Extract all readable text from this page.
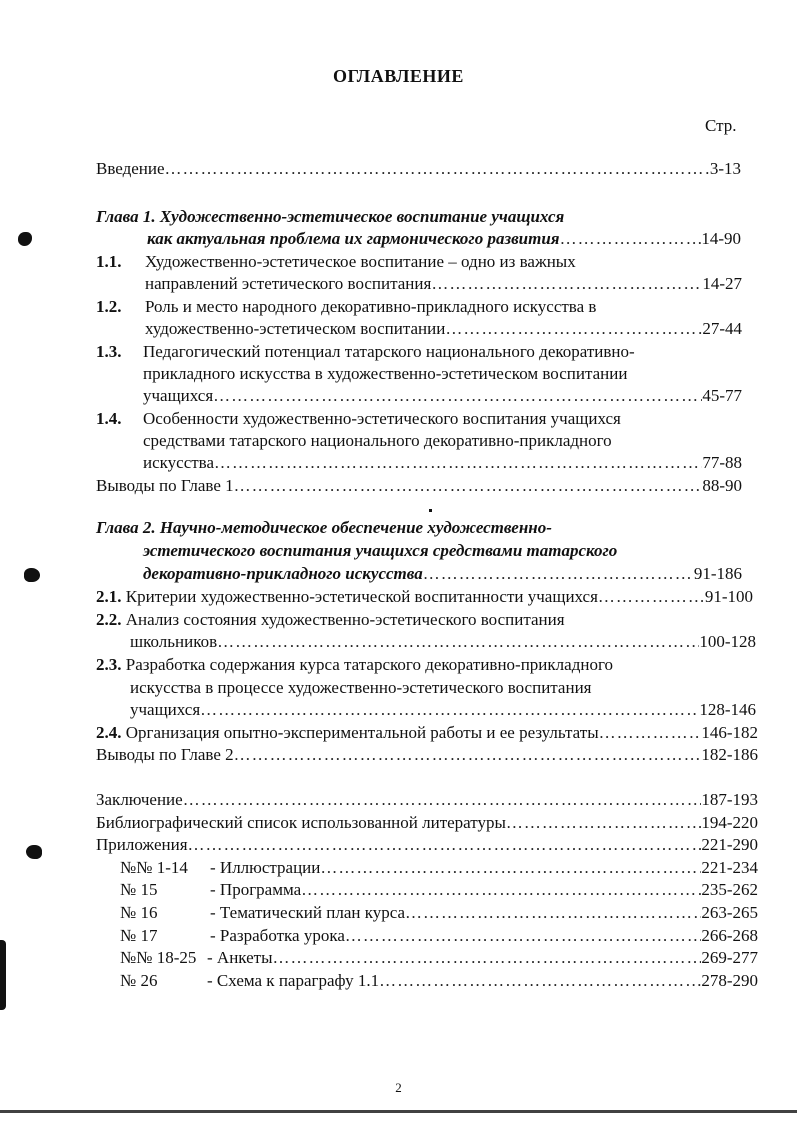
ОГЛАВЛЕНИЕ
Стр.
Введение ……………………………………………………………………………………………………………………………………………………………………………………	3-13
Глава 1. Художественно-эстетическое воспитание учащихся
как актуальная проблема их гармонического развития ……………………………………………………………………………………………………………………………………………………………………………………	14-90
1.1. Художественно-эстетическое воспитание – одно из важных
направлений эстетического воспитания ……………………………………………………………………………………………………………………………………………………………………………………	14-27
1.2. Роль и место народного декоративно-прикладного искусства в
художественно-эстетическом воспитании ……………………………………………………………………………………………………………………………………………………………………………………	27-44
1.3. Педагогический потенциал татарского национального декоративно-
прикладного искусства в художественно-эстетическом воспитании
учащихся ……………………………………………………………………………………………………………………………………………………………………………………	45-77
1.4. Особенности художественно-эстетического воспитания учащихся
средствами татарского национального декоративно-прикладного
искусства ……………………………………………………………………………………………………………………………………………………………………………………	77-88
Выводы по Главе 1 ……………………………………………………………………………………………………………………………………………………………………………………	88-90
Глава 2. Научно-методическое обеспечение художественно-
эстетического воспитания учащихся средствами татарского
декоративно-прикладного искусства ……………………………………………………………………………………………………………………………………………………………………………………	91-186
2.1. Критерии художественно-эстетической воспитанности учащихся ……………………………………………………………………………………………………………………………………………………………………………………	91-100
2.2. Анализ состояния художественно-эстетического воспитания
школьников ……………………………………………………………………………………………………………………………………………………………………………………	100-128
2.3. Разработка содержания курса татарского декоративно-прикладного
искусства в процессе художественно-эстетического воспитания
учащихся ……………………………………………………………………………………………………………………………………………………………………………………	128-146
2.4. Организация опытно-экспериментальной работы и ее результаты ……………………………………………………………………………………………………………………………………………………………………………………	146-182
Выводы по Главе 2 ……………………………………………………………………………………………………………………………………………………………………………………	182-186
Заключение ……………………………………………………………………………………………………………………………………………………………………………………	187-193
Библиографический список использованной литературы ……………………………………………………………………………………………………………………………………………………………………………………	194-220
Приложения ……………………………………………………………………………………………………………………………………………………………………………………	221-290
№№ 1-14 - Иллюстрации ……………………………………………………………………………………………………………………………………………………………………………………	221-234
№ 15	- Программа ……………………………………………………………………………………………………………………………………………………………………………………	235-262
№ 16	- Тематический план курса ……………………………………………………………………………………………………………………………………………………………………………………	263-265
№ 17	- Разработка урока ……………………………………………………………………………………………………………………………………………………………………………………	266-268
№№ 18-25 - Анкеты ……………………………………………………………………………………………………………………………………………………………………………………	269-277
№ 26	- Схема к параграфу 1.1 ……………………………………………………………………………………………………………………………………………………………………………………	278-290
2
